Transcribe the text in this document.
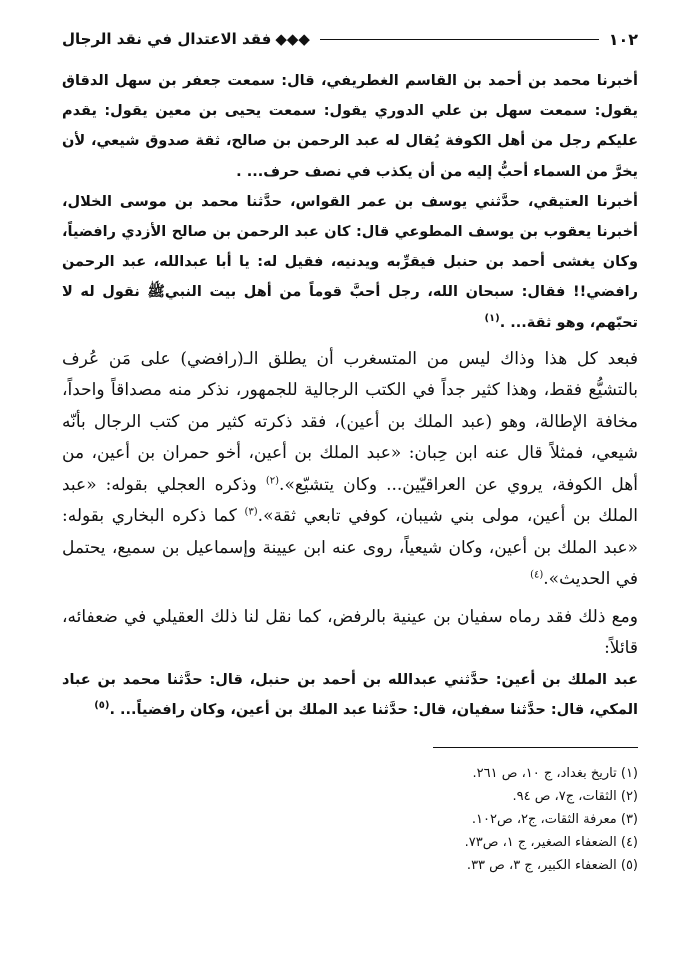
١٠٢
◆◆◆فقد الاعتدال في نقد الرجال

أخبرنا محمد بن أحمد بن القاسم الغطريفي، قال: سمعت جعفر بن سهل الدقاق يقول: سمعت سهل بن علي الدوري يقول: سمعت يحيى بن معين يقول: يقدم عليكم رجل من أهل الكوفة يُقال له عبد الرحمن بن صالح، ثقة صدوق شيعي، لأن يخرَّ من السماء أحبُّ إليه من أن يكذب في نصف حرف... .

أخبرنا العتيقي، حدَّثني يوسف بن عمر القواس، حدَّثنا محمد بن موسى الخلال، أخبرنا يعقوب بن يوسف المطوعي قال: كان عبد الرحمن بن صالح الأزدي رافضياً، وكان يغشى أحمد بن حنبل فيقرِّبه ويدنيه، فقيل له: يا أبا عبدالله، عبد الرحمن رافضي!! فقال: سبحان الله، رجل أحبَّ قوماً من أهل بيت النبيﷺ نقول له لا تحبّهم، وهو ثقة... .$^{(١)}$

فبعد كل هذا وذاك ليس من المتسغرب أن يطلق الـ(رافضي) على مَن عُرف بالتشيُّع فقط، وهذا كثير جداً في الكتب الرجالية للجمهور، نذكر منه مصداقاً واحداً، مخافة الإطالة، وهو (عبد الملك بن أعين)، فقد ذكرته كثير من كتب الرجال بأنّه شيعي، فمثلاً قال عنه ابن حِبان: «عبد الملك بن أعين، أخو حمران بن أعين، من أهل الكوفة، يروي عن العراقيّين... وكان يتشيّع».$^{(٢)}$ وذكره العجلي بقوله: «عبد الملك بن أعين، مولى بني شيبان، كوفي تابعي ثقة».$^{(٣)}$ كما ذكره البخاري بقوله: «عبد الملك بن أعين، وكان شيعياً، روى عنه ابن عيينة وإسماعيل بن سميع، يحتمل في الحديث».$^{(٤)}$

ومع ذلك فقد رماه سفيان بن عينية بالرفض، كما نقل لنا ذلك العقيلي في ضعفائه، قائلاً:

عبد الملك بن أعين: حدَّثني عبدالله بن أحمد بن حنبل، قال: حدَّثنا محمد بن عباد المكي، قال: حدَّثنا سفيان، قال: حدَّثنا عبد الملك بن أعين، وكان رافضياً... .$^{(٥)}$

(١) تاريخ بغداد، ج ١٠، ص ٢٦١.

(٢) الثقات، ج٧، ص ٩٤.

(٣) معرفة الثقات، ج٢، ص١٠٢.

(٤) الضعفاء الصغير، ج ١، ص٧٣.

(٥) الضعفاء الكبير، ج ٣، ص ٣٣.
